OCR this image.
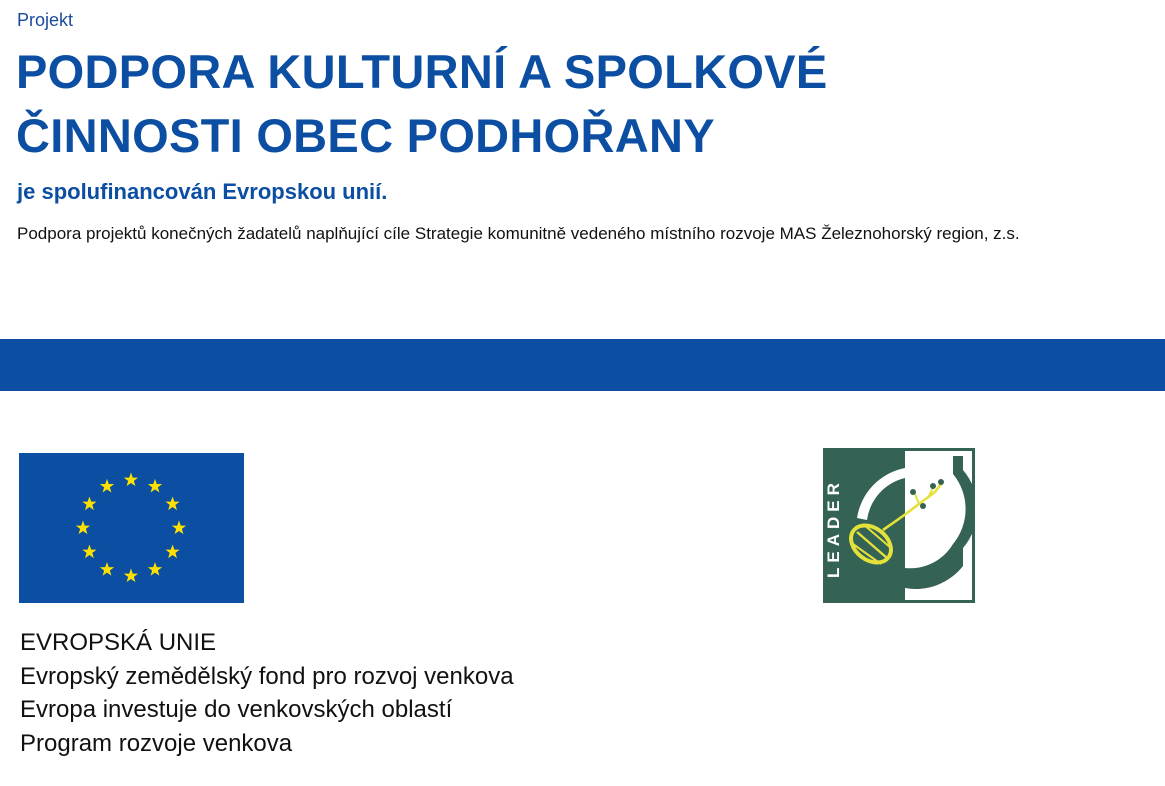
Projekt
PODPORA KULTURNÍ A SPOLKOVÉ
ČINNOSTI OBEC PODHOŘANY
je spolufinancován Evropskou unií.
Podpora projektů konečných žadatelů naplňující cíle Strategie komunitně vedeného místního rozvoje MAS Železnohorský region, z.s.
EVROPSKÁ UNIE
Evropský zemědělský fond pro rozvoj venkova
Evropa investuje do venkovských oblastí
Program rozvoje venkova
LEADER
